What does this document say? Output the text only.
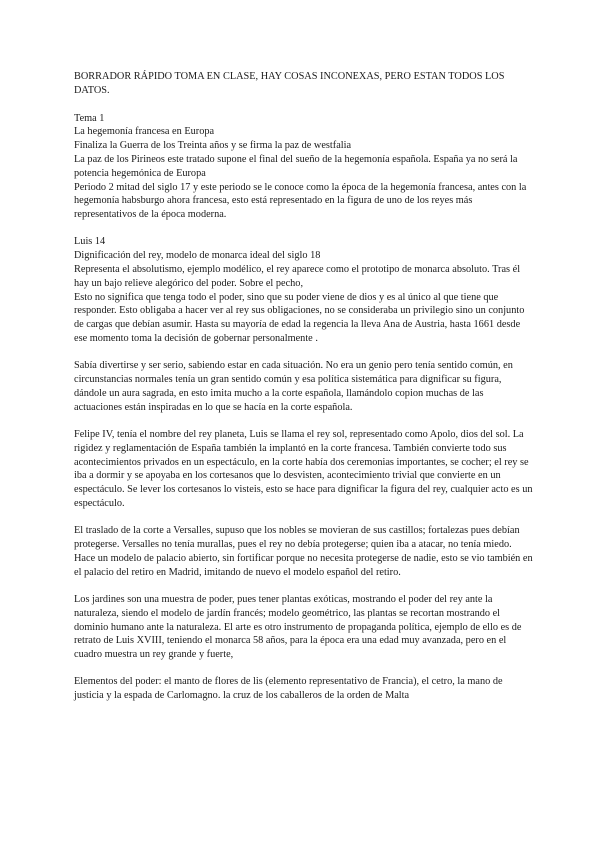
BORRADOR RÁPIDO TOMA EN CLASE, HAY COSAS INCONEXAS, PERO ESTAN TODOS LOS DATOS.

Tema 1
La hegemonía francesa en Europa
Finaliza la Guerra de los Treinta años y se firma la paz de westfalia
La paz de los Pirineos este tratado supone el final del sueño de la hegemonía española. España ya no será la potencia hegemónica de Europa
Periodo 2 mitad del siglo 17 y este periodo se le conoce como la época de la hegemonía francesa, antes con la hegemonía habsburgo ahora francesa, esto está representado en la figura de uno de los reyes más representativos de la época moderna.
Luis 14
Dignificación del rey, modelo de monarca ideal del siglo 18
Representa el absolutismo, ejemplo modélico, el rey aparece como el prototipo de monarca absoluto. Tras él hay un bajo relieve alegórico del poder. Sobre el pecho,
Esto no significa que tenga todo el poder, sino que su poder viene de dios y es al único al que tiene que responder. Esto obligaba a hacer ver al rey sus obligaciones, no se consideraba un privilegio sino un conjunto de cargas que debían asumir. Hasta su mayoría de edad la regencia la lleva Ana de Austria, hasta 1661 desde ese momento toma la decisión de gobernar personalmente .

Sabía divertirse y ser serio, sabiendo estar en cada situación. No era un genio pero tenía sentido común, en circunstancias normales tenía un gran sentido común y esa política sistemática para dignificar su figura, dándole un aura sagrada, en esto imita mucho a la corte española, llamándolo copion muchas de las actuaciones están inspiradas en lo que se hacía en la corte española.

Felipe IV, tenía el nombre del rey planeta, Luis se llama el rey sol, representado como Apolo, dios del sol. La rigidez y reglamentación de España también la implantó en la corte francesa. También convierte todo sus acontecimientos privados en un espectáculo, en la corte había dos ceremonias importantes, se cocher; el rey se iba a dormir y se apoyaba en los cortesanos que lo desvisten, acontecimiento trivial que convierte en un espectáculo. Se lever los cortesanos lo visteis, esto se hace para dignificar la figura del rey, cualquier acto es un espectáculo.

El traslado de la corte a Versalles, supuso que los nobles se movieran de sus castillos; fortalezas pues debían protegerse. Versalles no tenía murallas, pues el rey no debía protegerse; quien iba a atacar, no tenía miedo. Hace un modelo de palacio abierto, sin fortificar porque no necesita protegerse de nadie, esto se vio también en el palacio del retiro en Madrid, imitando de nuevo el modelo español del retiro.

Los jardines son una muestra de poder, pues tener plantas exóticas, mostrando el poder del rey ante la naturaleza, siendo el modelo de jardín francés; modelo geométrico, las plantas se recortan mostrando el dominio humano ante la naturaleza. El arte es otro instrumento de propaganda política, ejemplo de ello es de retrato de Luis XVIII, teniendo el monarca 58 años, para la época era una edad muy avanzada, pero en el cuadro muestra un rey grande y fuerte,

Elementos del poder: el manto de flores de lis (elemento representativo de Francia), el cetro, la mano de justicia y la espada de Carlomagno. la cruz de los caballeros de la orden de Malta
